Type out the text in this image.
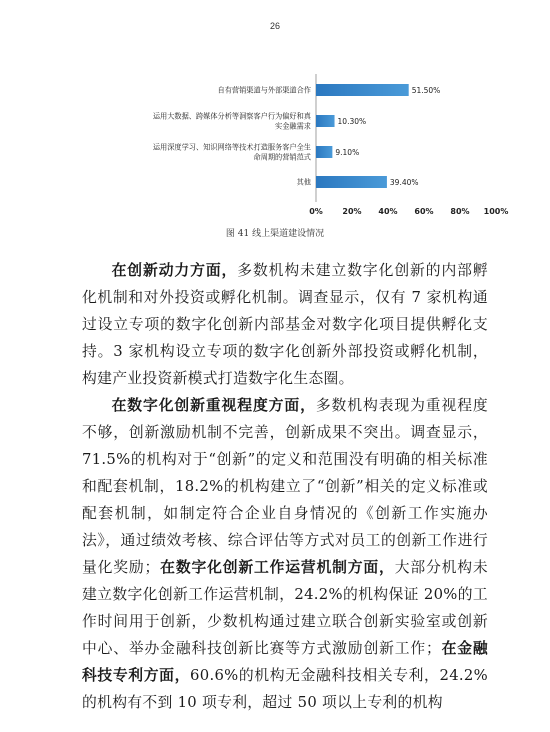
26
51.50%
自有营销渠道与外部渠道合作
10.30%
运用大数据、跨媒体分析等洞察客户行为偏好和真
实金融需求
9.10%
运用深度学习、知识网络等技术打造服务客户全生
命周期的营销范式
39.40%
其他
0% 20% 40% 60% 80% 100%
图 41 线上渠道建设情况

在创新动力方面，多数机构未建立数字化创新的内部孵化机制和对外投资或孵化机制。调查显示，仅有 7 家机构通过设立专项的数字化创新内部基金对数字化项目提供孵化支持。3 家机构设立专项的数字化创新外部投资或孵化机制，构建产业投资新模式打造数字化生态圈。

在数字化创新重视程度方面，多数机构表现为重视程度不够，创新激励机制不完善，创新成果不突出。调查显示，71.5%的机构对于“创新”的定义和范围没有明确的相关标准和配套机制，18.2%的机构建立了“创新”相关的定义标准或配套机制，如制定符合企业自身情况的《创新工作实施办法》，通过绩效考核、综合评估等方式对员工的创新工作进行量化奖励；在数字化创新工作运营机制方面，大部分机构未建立数字化创新工作运营机制，24.2%的机构保证 20%的工作时间用于创新，少数机构通过建立联合创新实验室或创新中心、举办金融科技创新比赛等方式激励创新工作；在金融科技专利方面，60.6%的机构无金融科技相关专利，24.2%的机构有不到 10 项专利，超过 50 项以上专利的机构
